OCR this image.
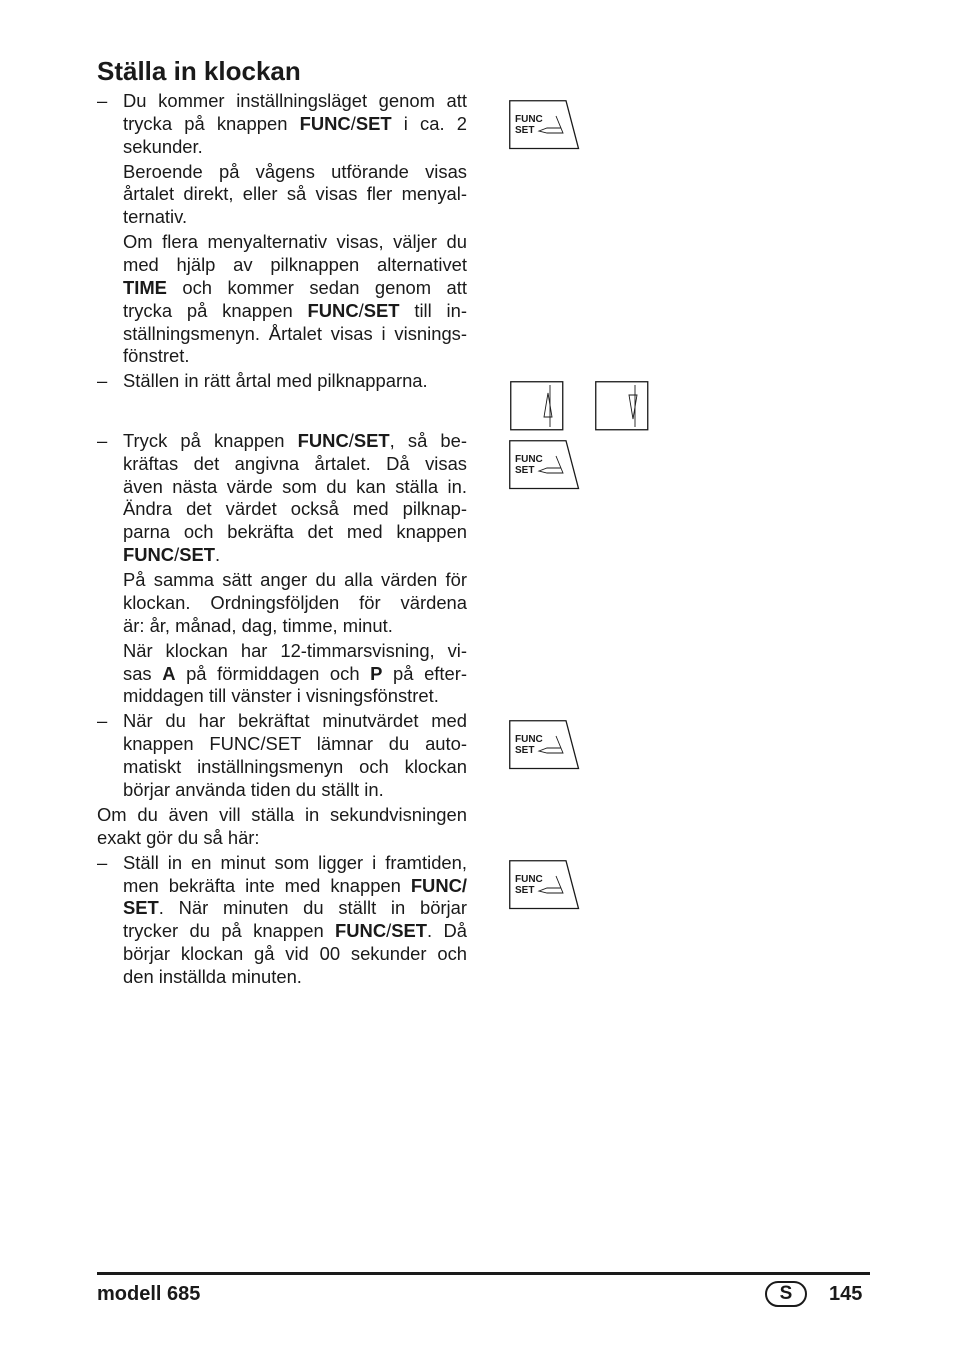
Ställa in klockan
– Du kommer inställningsläget genom att
trycka på knappen FUNC/SET i ca. 2
sekunder.
Beroende på vågens utförande visas
årtalet direkt, eller så visas fler menyal-
ternativ.
Om flera menyalternativ visas, väljer du
med hjälp av pilknappen alternativet
TIME och kommer sedan genom att
trycka på knappen FUNC/SET till in-
ställningsmenyn. Årtalet visas i visnings-
fönstret.
– Ställen in rätt årtal med pilknapparna.
– Tryck på knappen FUNC/SET, så be-
kräftas det angivna årtalet. Då visas
även nästa värde som du kan ställa in.
Ändra det värdet också med pilknap-
parna och bekräfta det med knappen
FUNC/SET.
På samma sätt anger du alla värden för
klockan. Ordningsföljden för värdena
är: år, månad, dag, timme, minut.
När klockan har 12-timmarsvisning, vi-
sas A på förmiddagen och P på efter-
middagen till vänster i visningsfönstret.
– När du har bekräftat minutvärdet med
knappen FUNC/SET lämnar du auto-
matiskt inställningsmenyn och klockan
börjar använda tiden du ställt in.
Om du även vill ställa in sekundvisningen
exakt gör du så här:
– Ställ in en minut som ligger i framtiden,
men bekräfta inte med knappen FUNC/
SET. När minuten du ställt in börjar
trycker du på knappen FUNC/SET. Då
börjar klockan gå vid 00 sekunder och
den inställda minuten.
FUNC
SET
FUNC
SET
FUNC
SET
FUNC
SET
modell 685	S	145
